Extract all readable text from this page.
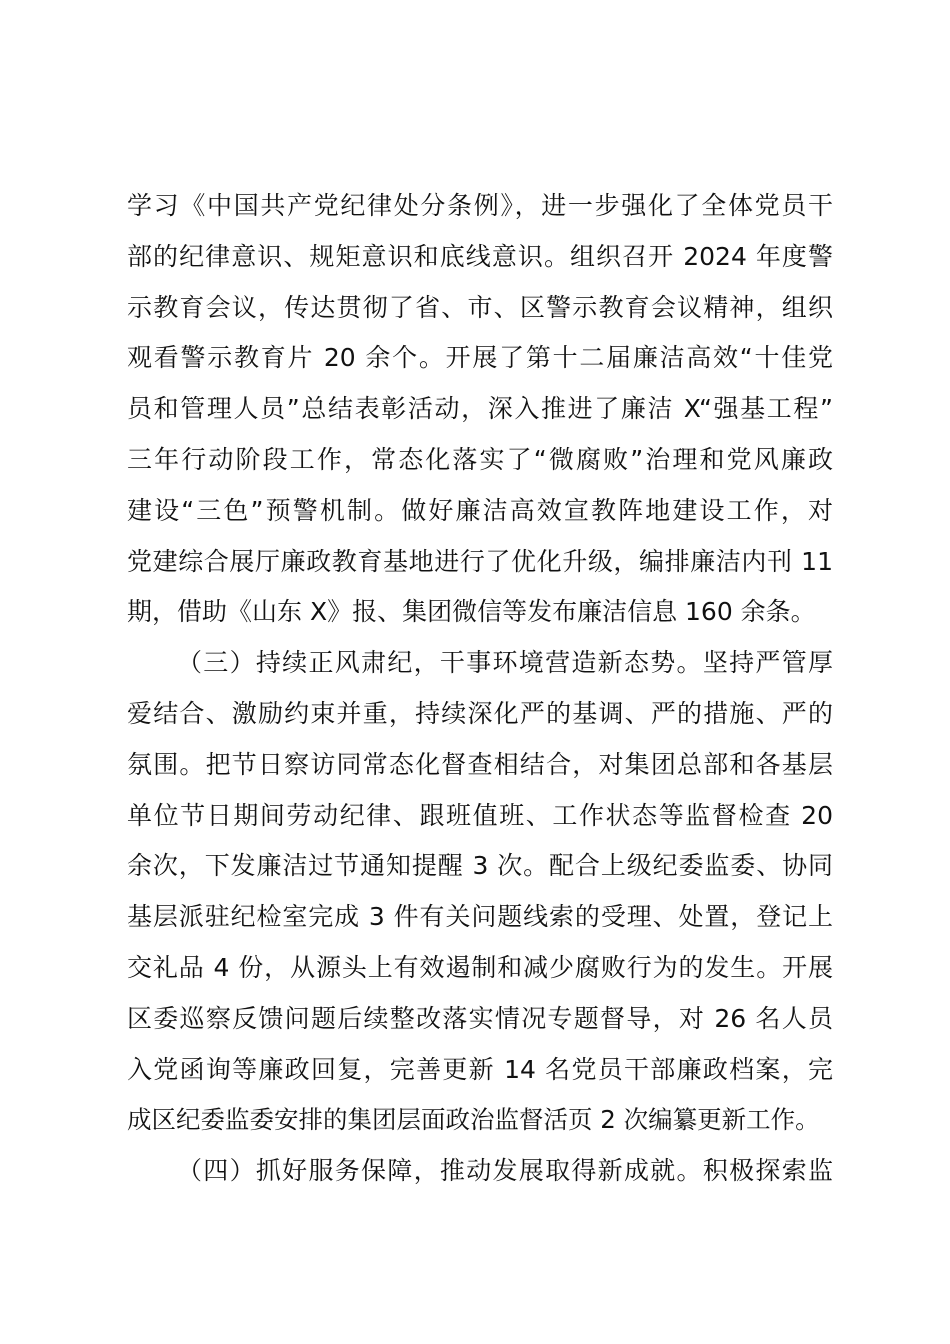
学习《中国共产党纪律处分条例》，进一步强化了全体党员干
部的纪律意识、规矩意识和底线意识。组织召开 2024 年度警
示教育会议，传达贯彻了省、市、区警示教育会议精神，组织
观看警示教育片 20 余个。开展了第十二届廉洁高效“十佳党
员和管理人员”总结表彰活动，深入推进了廉洁 X“强基工程”
三年行动阶段工作，常态化落实了“微腐败”治理和党风廉政
建设“三色”预警机制。做好廉洁高效宣教阵地建设工作，对
党建综合展厅廉政教育基地进行了优化升级，编排廉洁内刊 11
期，借助《山东 X》报、集团微信等发布廉洁信息 160 余条。
（三）持续正风肃纪，干事环境营造新态势。坚持严管厚
爱结合、激励约束并重，持续深化严的基调、严的措施、严的
氛围。把节日察访同常态化督查相结合，对集团总部和各基层
单位节日期间劳动纪律、跟班值班、工作状态等监督检查 20
余次，下发廉洁过节通知提醒 3 次。配合上级纪委监委、协同
基层派驻纪检室完成 3 件有关问题线索的受理、处置，登记上
交礼品 4 份，从源头上有效遏制和减少腐败行为的发生。开展
区委巡察反馈问题后续整改落实情况专题督导，对 26 名人员
入党函询等廉政回复，完善更新 14 名党员干部廉政档案，完
成区纪委监委安排的集团层面政治监督活页 2 次编纂更新工作。
（四）抓好服务保障，推动发展取得新成就。积极探索监
